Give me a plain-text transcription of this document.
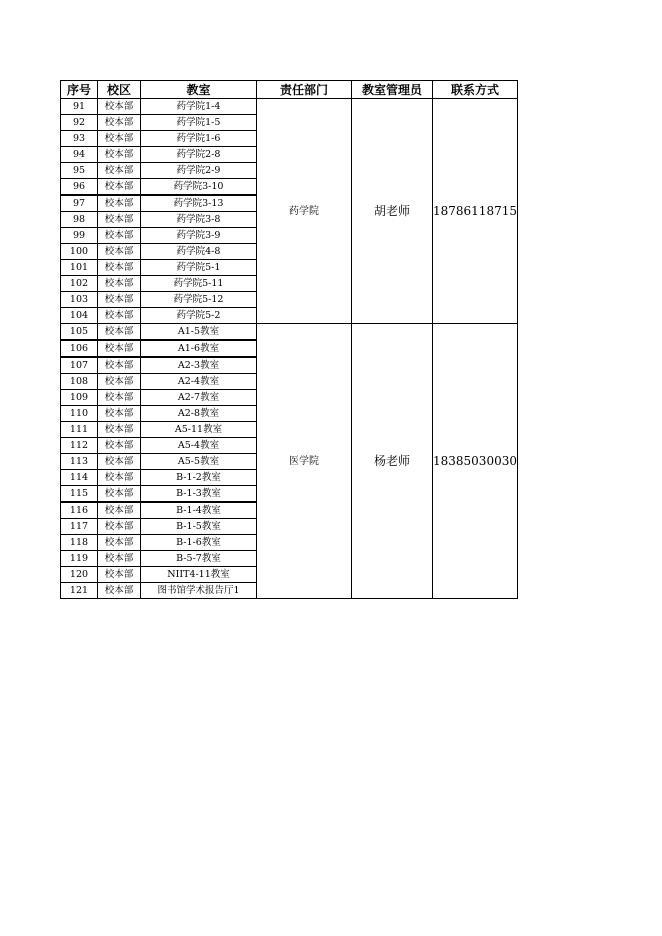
序号	校区	教室	责任部门	教室管理员	联系方式
91	校本部	药学院1-4	药学院	胡老师	18786118715
92	校本部	药学院1-5			
93	校本部	药学院1-6			
94	校本部	药学院2-8			
95	校本部	药学院2-9			
96	校本部	药学院3-10			
97	校本部	药学院3-13			
98	校本部	药学院3-8			
99	校本部	药学院3-9			
100	校本部	药学院4-8			
101	校本部	药学院5-1			
102	校本部	药学院5-11			
103	校本部	药学院5-12			
104	校本部	药学院5-2			
105	校本部	A1-5教室	医学院	杨老师	18385030030
106	校本部	A1-6教室			
107	校本部	A2-3教室			
108	校本部	A2-4教室			
109	校本部	A2-7教室			
110	校本部	A2-8教室			
111	校本部	A5-11教室			
112	校本部	A5-4教室			
113	校本部	A5-5教室			
114	校本部	B-1-2教室			
115	校本部	B-1-3教室			
116	校本部	B-1-4教室			
117	校本部	B-1-5教室			
118	校本部	B-1-6教室			
119	校本部	B-5-7教室			
120	校本部	NIIT4-11教室			
121	校本部	图书馆学术报告厅1			
